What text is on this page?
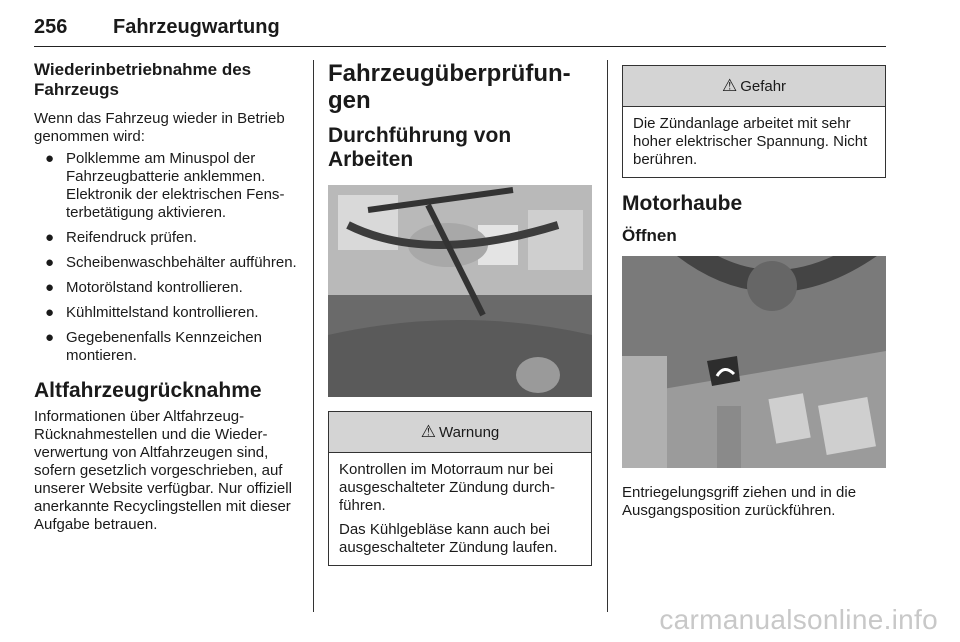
256 Fahrzeugwartung
Wiederinbetriebnahme des Fahrzeugs
Wenn das Fahrzeug wieder in Betrieb genommen wird:
● Polklemme am Minuspol der Fahrzeugbatterie anklemmen. Elektronik der elektrischen Fensterbetätigung aktivieren.
● Reifendruck prüfen.
● Scheibenwaschbehälter aufführen.
● Motorölstand kontrollieren.
● Kühlmittelstand kontrollieren.
● Gegebenenfalls Kennzeichen montieren.
Altfahrzeugrücknahme
Informationen über Altfahrzeug-Rücknahmestellen und die Wiederverwertung von Altfahrzeugen sind, sofern gesetzlich vorgeschrieben, auf unserer Website verfügbar. Nur offiziell anerkannte Recyclingstellen mit dieser Aufgabe betrauen.
Fahrzeugüberprüfungen
Durchführung von Arbeiten
⚠ Warnung
Kontrollen im Motorraum nur bei ausgeschalteter Zündung durchführen.
Das Kühlgebläse kann auch bei ausgeschalteter Zündung laufen.
⚠ Gefahr
Die Zündanlage arbeitet mit sehr hoher elektrischer Spannung. Nicht berühren.
Motorhaube
Öffnen
Entriegelungsgriff ziehen und in die Ausgangsposition zurückführen.
carmanualsonline.info
